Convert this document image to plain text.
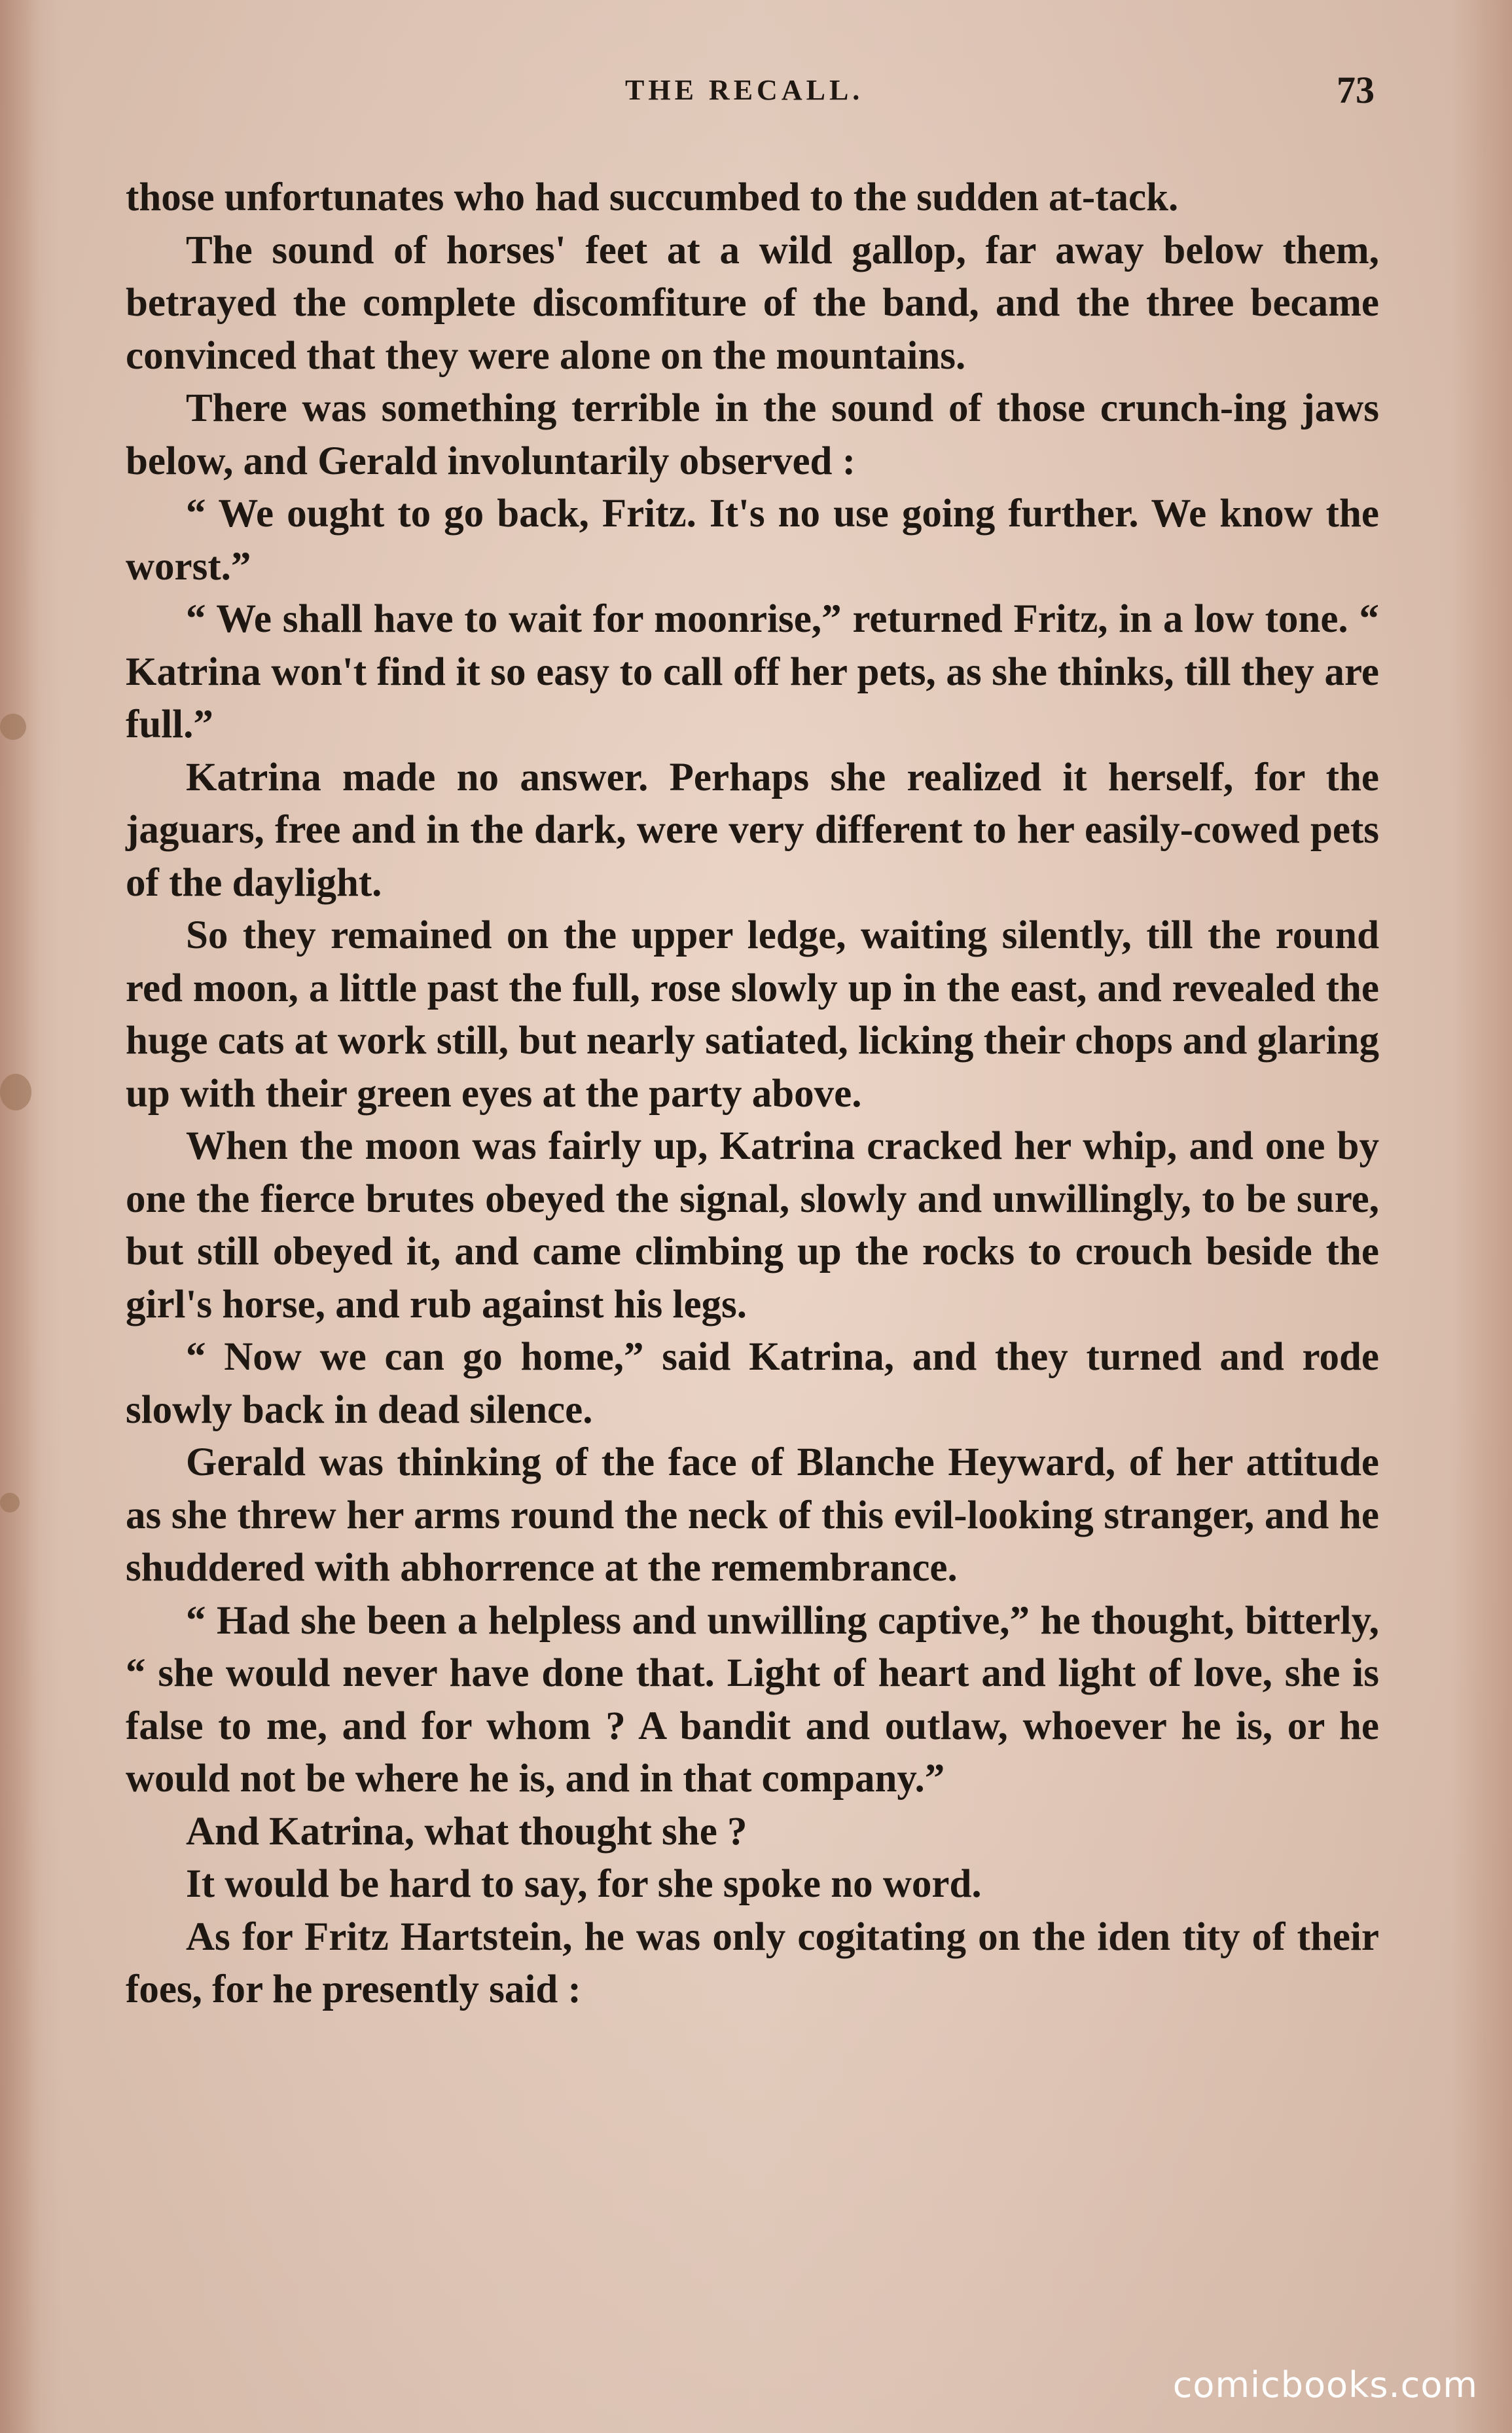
THE RECALL.	73

those unfortunates who had succumbed to the sudden at-tack.

The sound of horses' feet at a wild gallop, far away below them, betrayed the complete discomfiture of the band, and the three became convinced that they were alone on the mountains.

There was something terrible in the sound of those crunch-ing jaws below, and Gerald involuntarily observed :

“ We ought to go back, Fritz. It's no use going further. We know the worst.”

“ We shall have to wait for moonrise,” returned Fritz, in a low tone. “ Katrina won't find it so easy to call off her pets, as she thinks, till they are full.”

Katrina made no answer. Perhaps she realized it herself, for the jaguars, free and in the dark, were very different to her easily-cowed pets of the daylight.

So they remained on the upper ledge, waiting silently, till the round red moon, a little past the full, rose slowly up in the east, and revealed the huge cats at work still, but nearly satiated, licking their chops and glaring up with their green eyes at the party above.

When the moon was fairly up, Katrina cracked her whip, and one by one the fierce brutes obeyed the signal, slowly and unwillingly, to be sure, but still obeyed it, and came climbing up the rocks to crouch beside the girl's horse, and rub against his legs.

“ Now we can go home,” said Katrina, and they turned and rode slowly back in dead silence.

Gerald was thinking of the face of Blanche Heyward, of her attitude as she threw her arms round the neck of this evil-looking stranger, and he shuddered with abhorrence at the remembrance.

“ Had she been a helpless and unwilling captive,” he thought, bitterly, “ she would never have done that. Light of heart and light of love, she is false to me, and for whom ? A bandit and outlaw, whoever he is, or he would not be where he is, and in that company.”

And Katrina, what thought she ?

It would be hard to say, for she spoke no word.

As for Fritz Hartstein, he was only cogitating on the iden tity of their foes, for he presently said :

comicbooks.com
